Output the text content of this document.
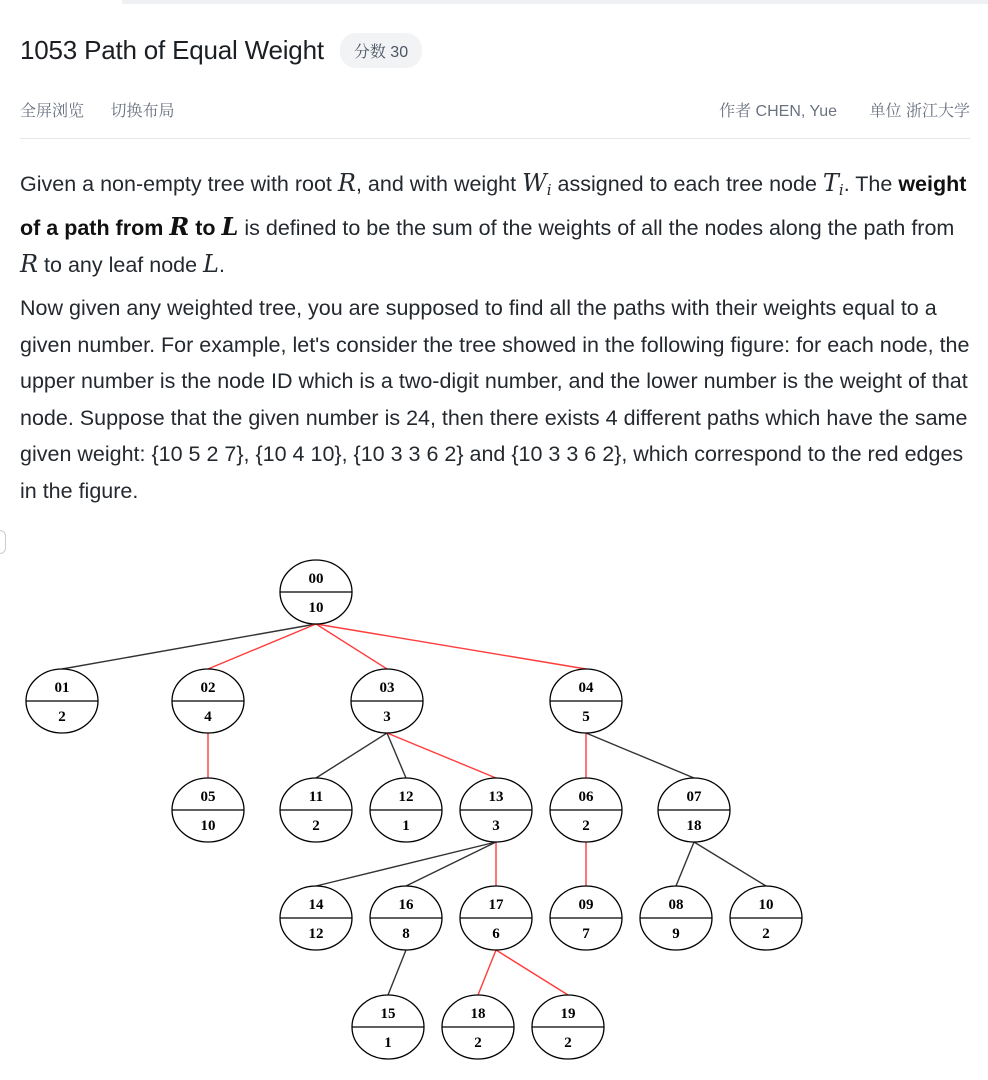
1053 Path of Equal Weight	分数 30
全屏浏览 切换布局	作者 CHEN, Yue 单位 浙江大学

Given a non-empty tree with root R, and with weight $W_i$ assigned to each tree node $T_i$. The weight of a path from R to L is defined to be the sum of the weights of all the nodes along the path from R to any leaf node L.

Now given any weighted tree, you are supposed to find all the paths with their weights equal to a given number. For example, let's consider the tree showed in the following figure: for each node, the upper number is the node ID which is a two-digit number, and the lower number is the weight of that node. Suppose that the given number is 24, then there exists 4 different paths which have the same given weight: {10 5 2 7}, {10 4 10}, {10 3 3 6 2} and {10 3 3 6 2}, which correspond to the red edges in the figure.

00
10
01
2
02
4
03
3
04
5
05
10
11
2
12
1
13
3
06
2
07
18
14
12
16
8
17
6
09
7
08
9
10
2
15
1
18
2
19
2
